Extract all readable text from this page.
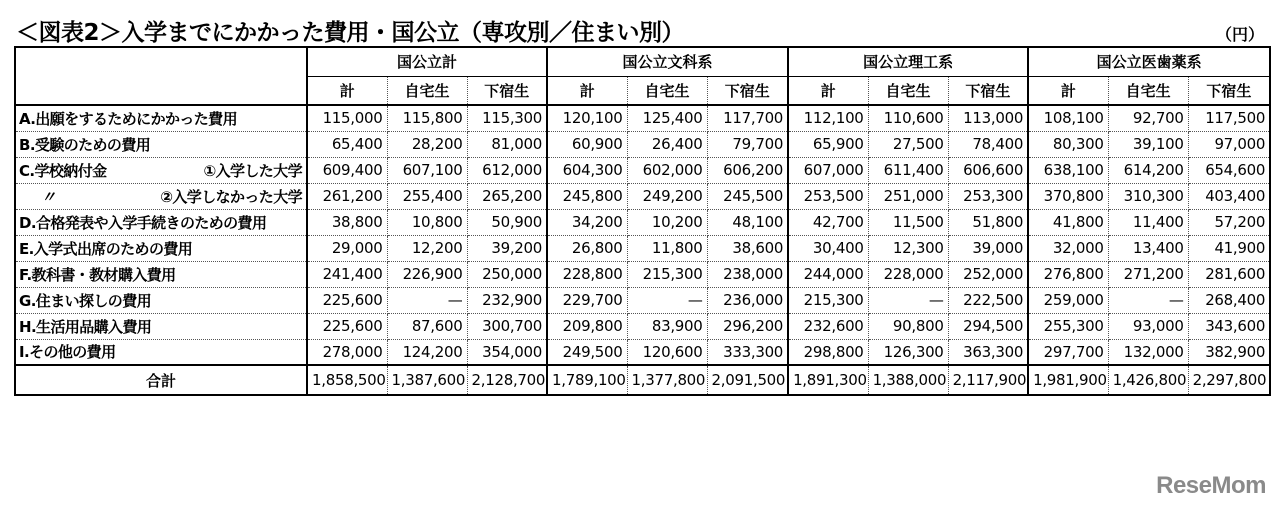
＜図表2＞入学までにかかった費用・国公立（専攻別／住まい別）	（円）
	国公立計			国公立文科系			国公立理工系			国公立医歯薬系		
	計	自宅生	下宿生	計	自宅生	下宿生	計	自宅生	下宿生	計	自宅生	下宿生

A.出願をするためにかかった費用	115,000	115,800	115,300	120,100	125,400	117,700	112,100	110,600	113,000	108,100	92,700	117,500

B.受験のための費用	65,400	28,200	81,000	60,900	26,400	79,700	65,900	27,500	78,400	80,300	39,100	97,000

C.学校納付金 ①入学した大学	609,400	607,100	612,000	604,300	602,000	606,200	607,000	611,400	606,600	638,100	614,200	654,600

〃 ②入学しなかった大学	261,200	255,400	265,200	245,800	249,200	245,500	253,500	251,000	253,300	370,800	310,300	403,400

D.合格発表や入学手続きのための費用	38,800	10,800	50,900	34,200	10,200	48,100	42,700	11,500	51,800	41,800	11,400	57,200

E.入学式出席のための費用	29,000	12,200	39,200	26,800	11,800	38,600	30,400	12,300	39,000	32,000	13,400	41,900

F.教科書・教材購入費用	241,400	226,900	250,000	228,800	215,300	238,000	244,000	228,000	252,000	276,800	271,200	281,600

G.住まい探しの費用	225,600	—	232,900	229,700	—	236,000	215,300	—	222,500	259,000	—	268,400

H.生活用品購入費用	225,600	87,600	300,700	209,800	83,900	296,200	232,600	90,800	294,500	255,300	93,000	343,600

I.その他の費用	278,000	124,200	354,000	249,500	120,600	333,300	298,800	126,300	363,300	297,700	132,000	382,900
合計	1,858,500	1,387,600	2,128,700	1,789,100	1,377,800	2,091,500	1,891,300	1,388,000	2,117,900	1,981,900	1,426,800	2,297,800
ReseMom
